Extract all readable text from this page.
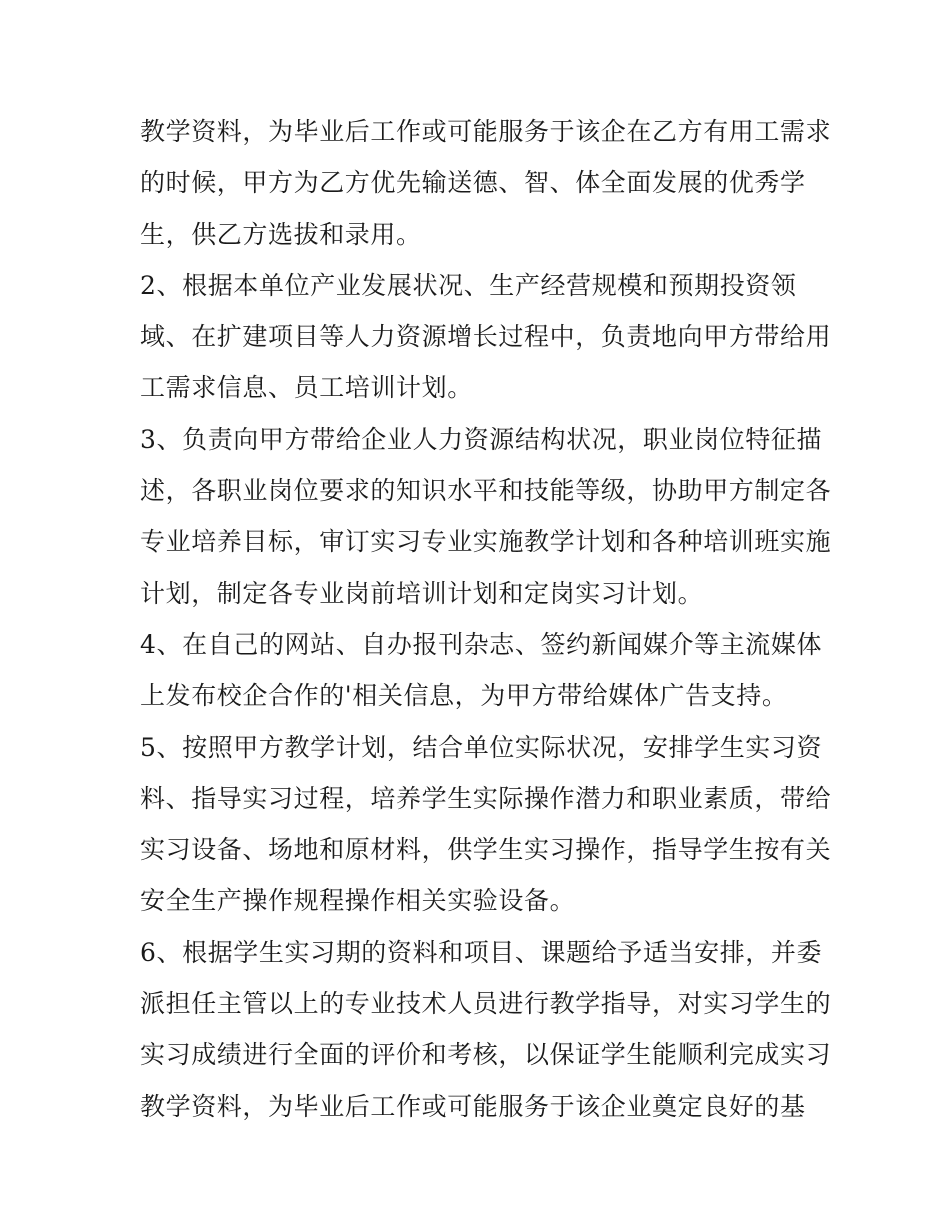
教学资料，为毕业后工作或可能服务于该企在乙方有用工需求
的时候，甲方为乙方优先输送德、智、体全面发展的优秀学
生，供乙方选拔和录用。
2、根据本单位产业发展状况、生产经营规模和预期投资领
域、在扩建项目等人力资源增长过程中，负责地向甲方带给用
工需求信息、员工培训计划。
3、负责向甲方带给企业人力资源结构状况，职业岗位特征描
述，各职业岗位要求的知识水平和技能等级，协助甲方制定各
专业培养目标，审订实习专业实施教学计划和各种培训班实施
计划，制定各专业岗前培训计划和定岗实习计划。
4、在自己的网站、自办报刊杂志、签约新闻媒介等主流媒体
上发布校企合作的'相关信息，为甲方带给媒体广告支持。
5、按照甲方教学计划，结合单位实际状况，安排学生实习资
料、指导实习过程，培养学生实际操作潜力和职业素质，带给
实习设备、场地和原材料，供学生实习操作，指导学生按有关
安全生产操作规程操作相关实验设备。
6、根据学生实习期的资料和项目、课题给予适当安排，并委
派担任主管以上的专业技术人员进行教学指导，对实习学生的
实习成绩进行全面的评价和考核，以保证学生能顺利完成实习
教学资料，为毕业后工作或可能服务于该企业奠定良好的基
